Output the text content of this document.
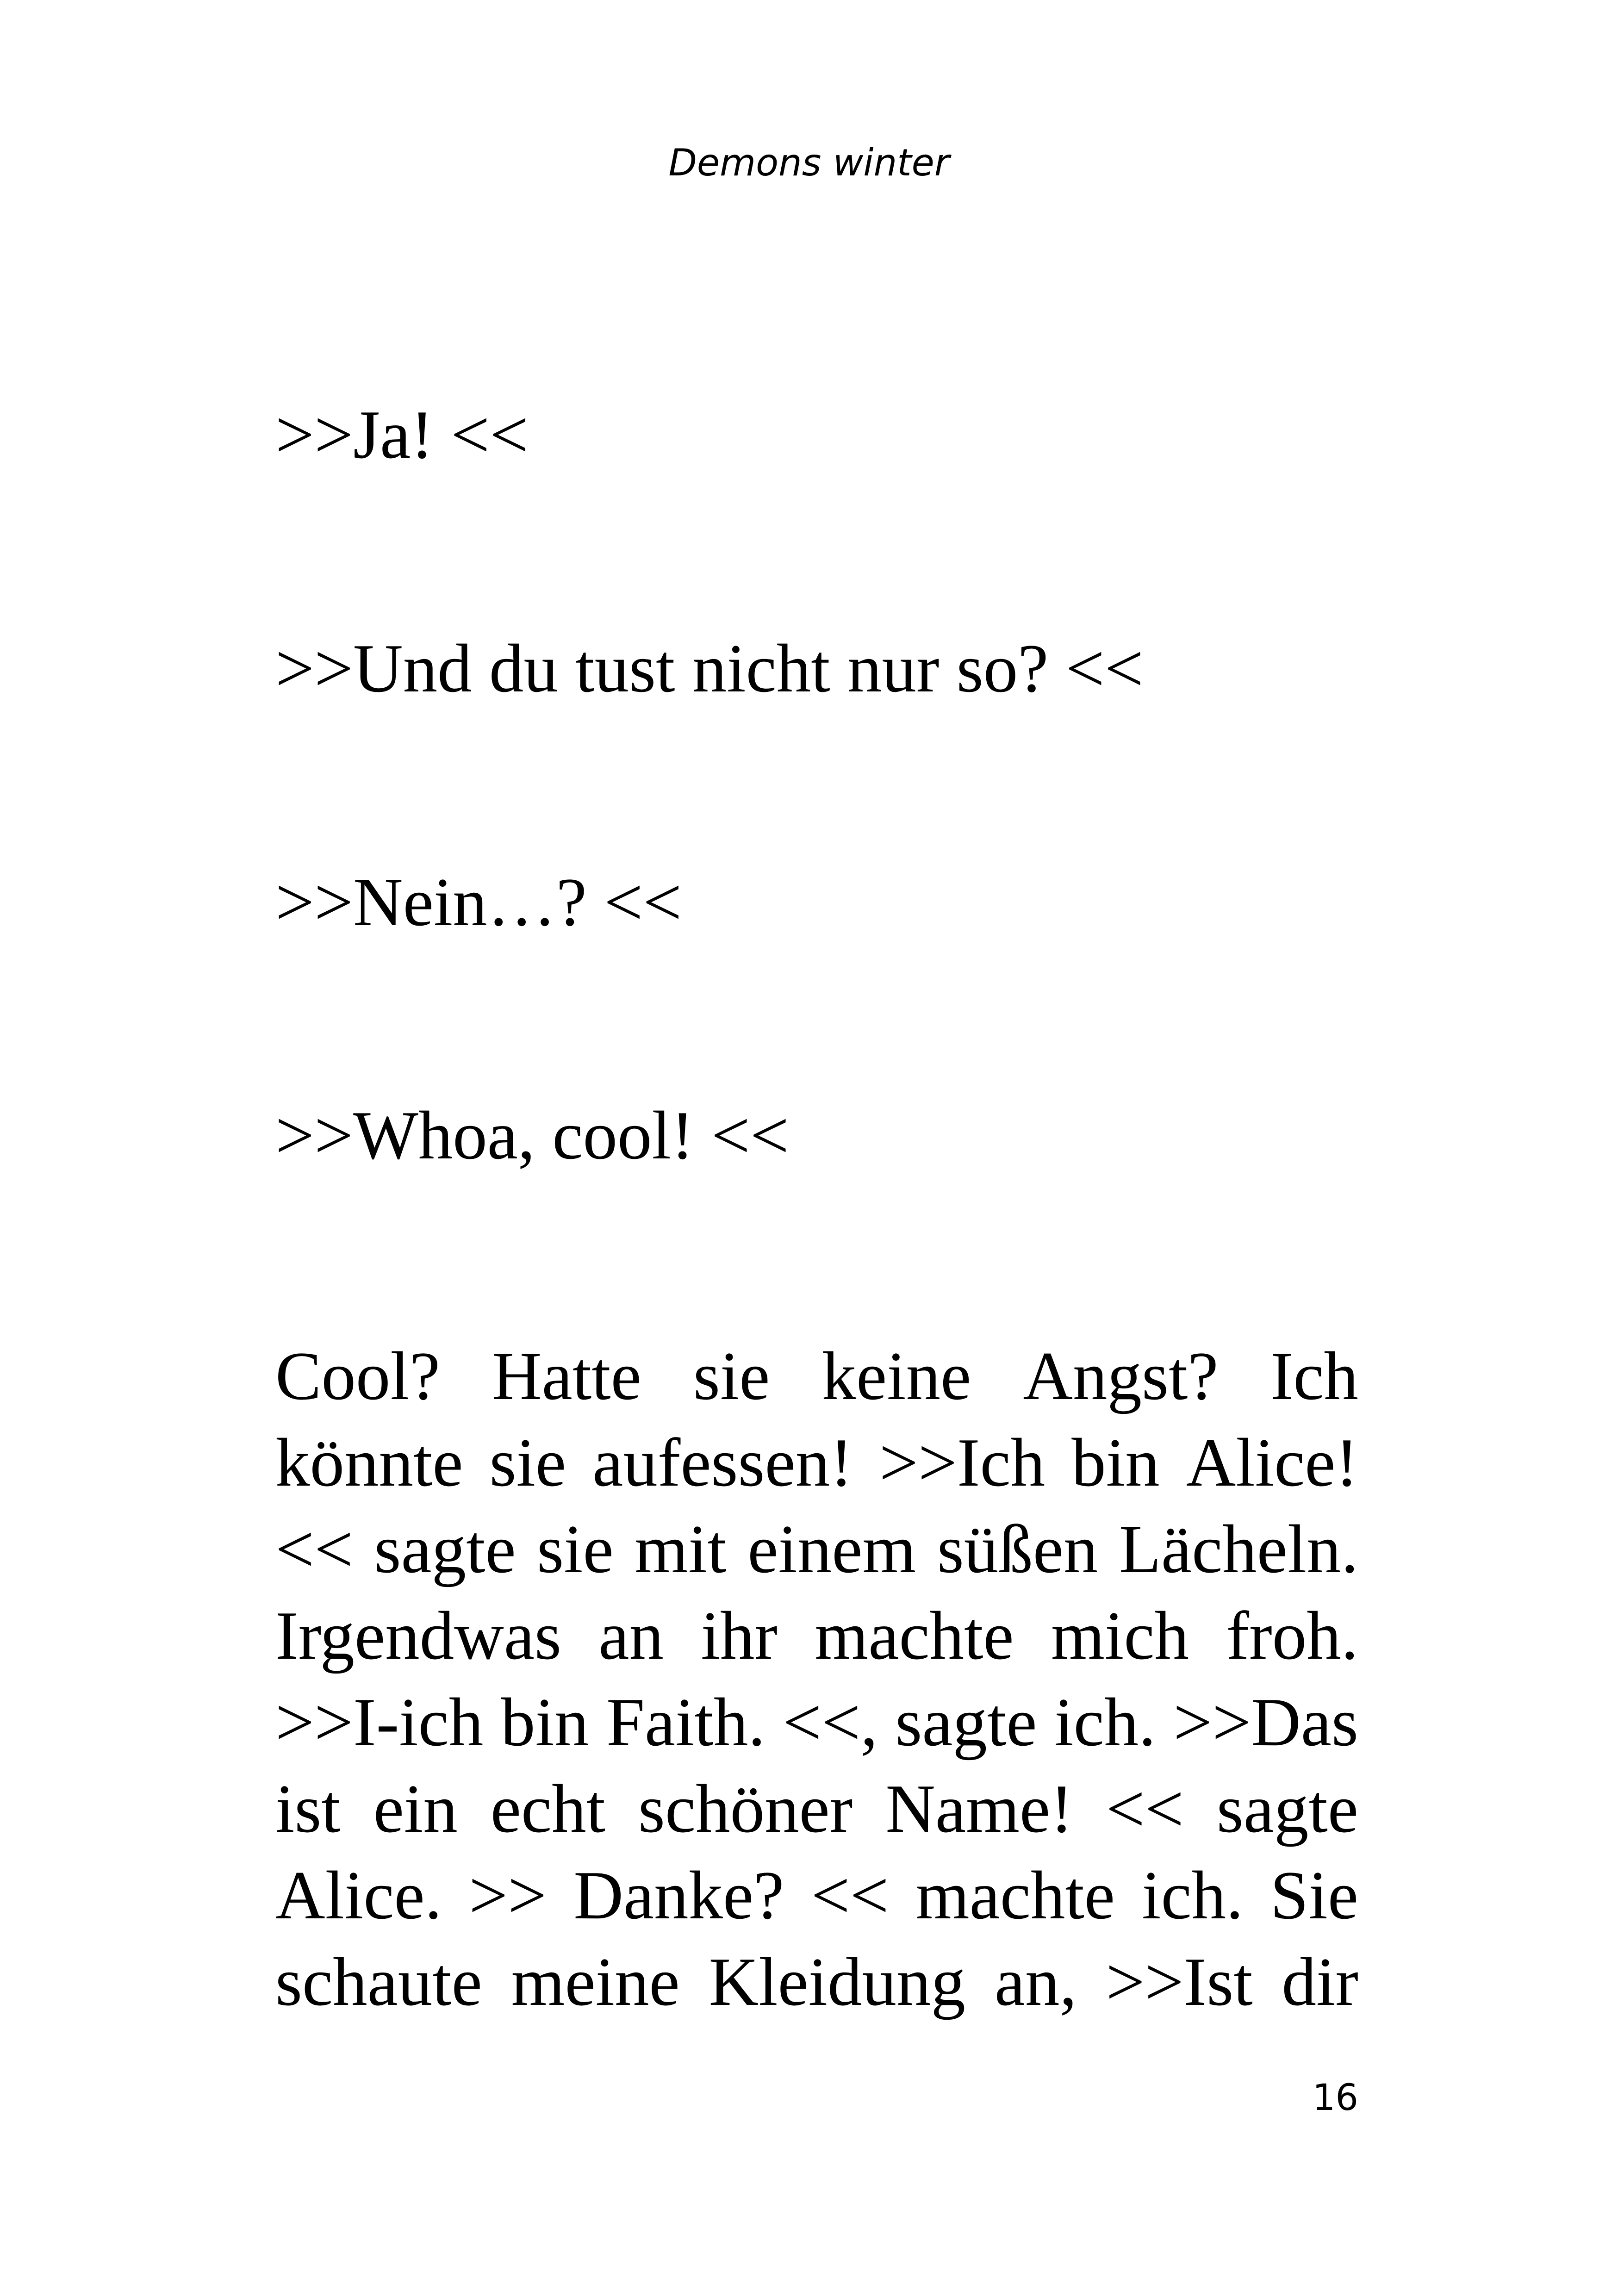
Demons winter

>>Ja! <<

>>Und du tust nicht nur so? <<

>>Nein…? <<

>>Whoa, cool! <<

Cool? Hatte sie keine Angst? Ich
könnte sie aufessen! >>Ich bin Alice!
<< sagte sie mit einem süßen Lächeln.
Irgendwas an ihr machte mich froh.
>>I-ich bin Faith. <<, sagte ich. >>Das
ist ein echt schöner Name! << sagte
Alice. >> Danke? << machte ich. Sie
schaute meine Kleidung an, >>Ist dir

16
